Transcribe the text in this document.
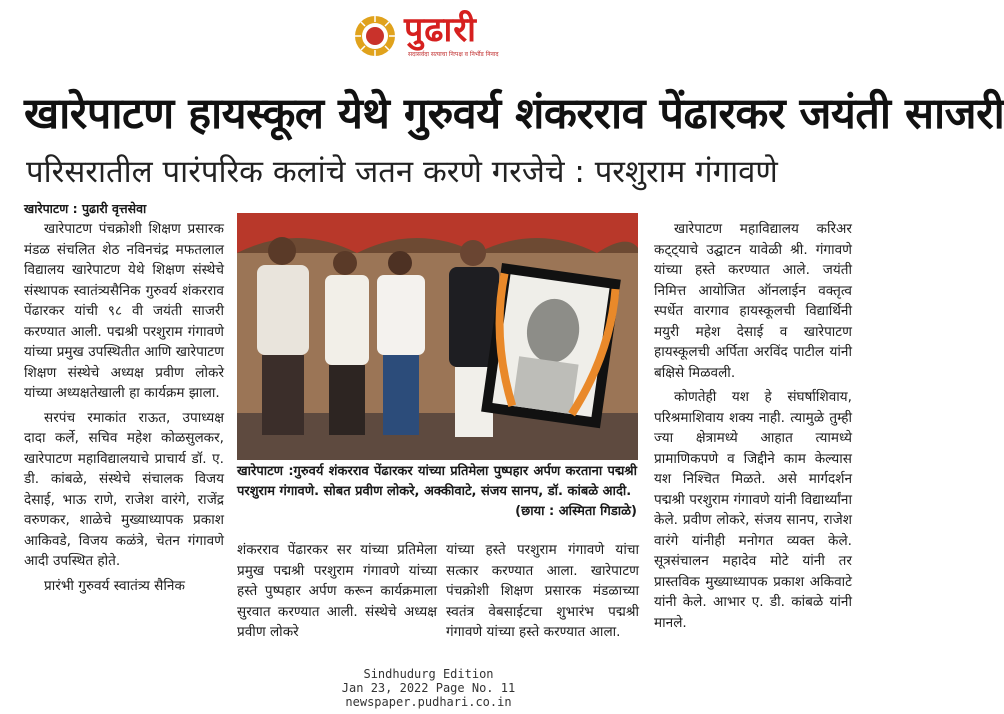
पुढारी
सदासर्वदा सत्याचा निःपक्ष व निर्भीड निनाद
खारेपाटण हायस्कूल येथे गुरुवर्य शंकरराव पेंढारकर जयंती साजरी
परिसरातील पारंपरिक कलांचे जतन करणे गरजेचे : परशुराम गंगावणे
खारेपाटण : पुढारी वृत्तसेवा

खारेपाटण पंचक्रोशी शिक्षण प्रसारक मंडळ संचलित शेठ नविनचंद्र मफतलाल विद्यालय खारेपाटण येथे शिक्षण संस्थेचे संस्थापक स्वातंत्र्यसैनिक गुरुवर्य शंकरराव पेंढारकर यांची ९८ वी जयंती साजरी करण्यात आली. पद्मश्री परशुराम गंगावणे यांच्या प्रमुख उपस्थितीत आणि खारेपाटण शिक्षण संस्थेचे अध्यक्ष प्रवीण लोकरे यांच्या अध्यक्षतेखाली हा कार्यक्रम झाला.

सरपंच रमाकांत राऊत, उपाध्यक्ष दादा कर्ले, सचिव महेश कोळसुलकर, खारेपाटण महाविद्यालयाचे प्राचार्य डॉ. ए. डी. कांबळे, संस्थेचे संचालक विजय देसाई, भाऊ राणे, राजेश वारंगे, राजेंद्र वरुणकर, शाळेचे मुख्याध्यापक प्रकाश आकिवडे, विजय कळंत्रे, चेतन गंगावणे आदी उपस्थित होते.

प्रारंभी गुरुवर्य स्वातंत्र्य सैनिक

खारेपाटण :गुरुवर्य शंकरराव पेंढारकर यांच्या प्रतिमेला पुष्पहार अर्पण करताना पद्मश्री परशुराम गंगावणे. सोबत प्रवीण लोकरे, अक्कीवाटे, संजय सानप, डॉ. कांबळे आदी.
(छाया : अस्मिता गिडाळे)

शंकरराव पेंढारकर सर यांच्या प्रतिमेला प्रमुख पद्मश्री परशुराम गंगावणे यांच्या हस्ते पुष्पहार अर्पण करून कार्यक्रमाला सुरवात करण्यात आली. संस्थेचे अध्यक्ष प्रवीण लोकरे

यांच्या हस्ते परशुराम गंगावणे यांचा सत्कार करण्यात आला. खारेपाटण पंचक्रोशी शिक्षण प्रसारक मंडळाच्या स्वतंत्र वेबसाईटचा शुभारंभ पद्मश्री गंगावणे यांच्या हस्ते करण्यात आला.

खारेपाटण महाविद्यालय करिअर कट्ट्याचे उद्घाटन यावेळी श्री. गंगावणे यांच्या हस्ते करण्यात आले. जयंती निमित्त आयोजित ऑनलाईन वक्तृत्व स्पर्धेत वारगाव हायस्कूलची विद्यार्थिनी मयुरी महेश देसाई व खारेपाटण हायस्कूलची अर्पिता अरविंद पाटील यांनी बक्षिसे मिळवली.

कोणतेही यश हे संघर्षाशिवाय, परिश्रमाशिवाय शक्य नाही. त्यामुळे तुम्ही ज्या क्षेत्रामध्ये आहात त्यामध्ये प्रामाणिकपणे व जिद्दीने काम केल्यास यश निश्चित मिळते. असे मार्गदर्शन पद्मश्री परशुराम गंगावणे यांनी विद्यार्थ्यांना केले. प्रवीण लोकरे, संजय सानप, राजेश वारंगे यांनीही मनोगत व्यक्त केले. सूत्रसंचालन महादेव मोटे यांनी तर प्रास्तविक मुख्याध्यापक प्रकाश अकिवाटे यांनी केले. आभार ए. डी. कांबळे यांनी मानले.

Sindhudurg Edition
Jan 23, 2022 Page No. 11
newspaper.pudhari.co.in
